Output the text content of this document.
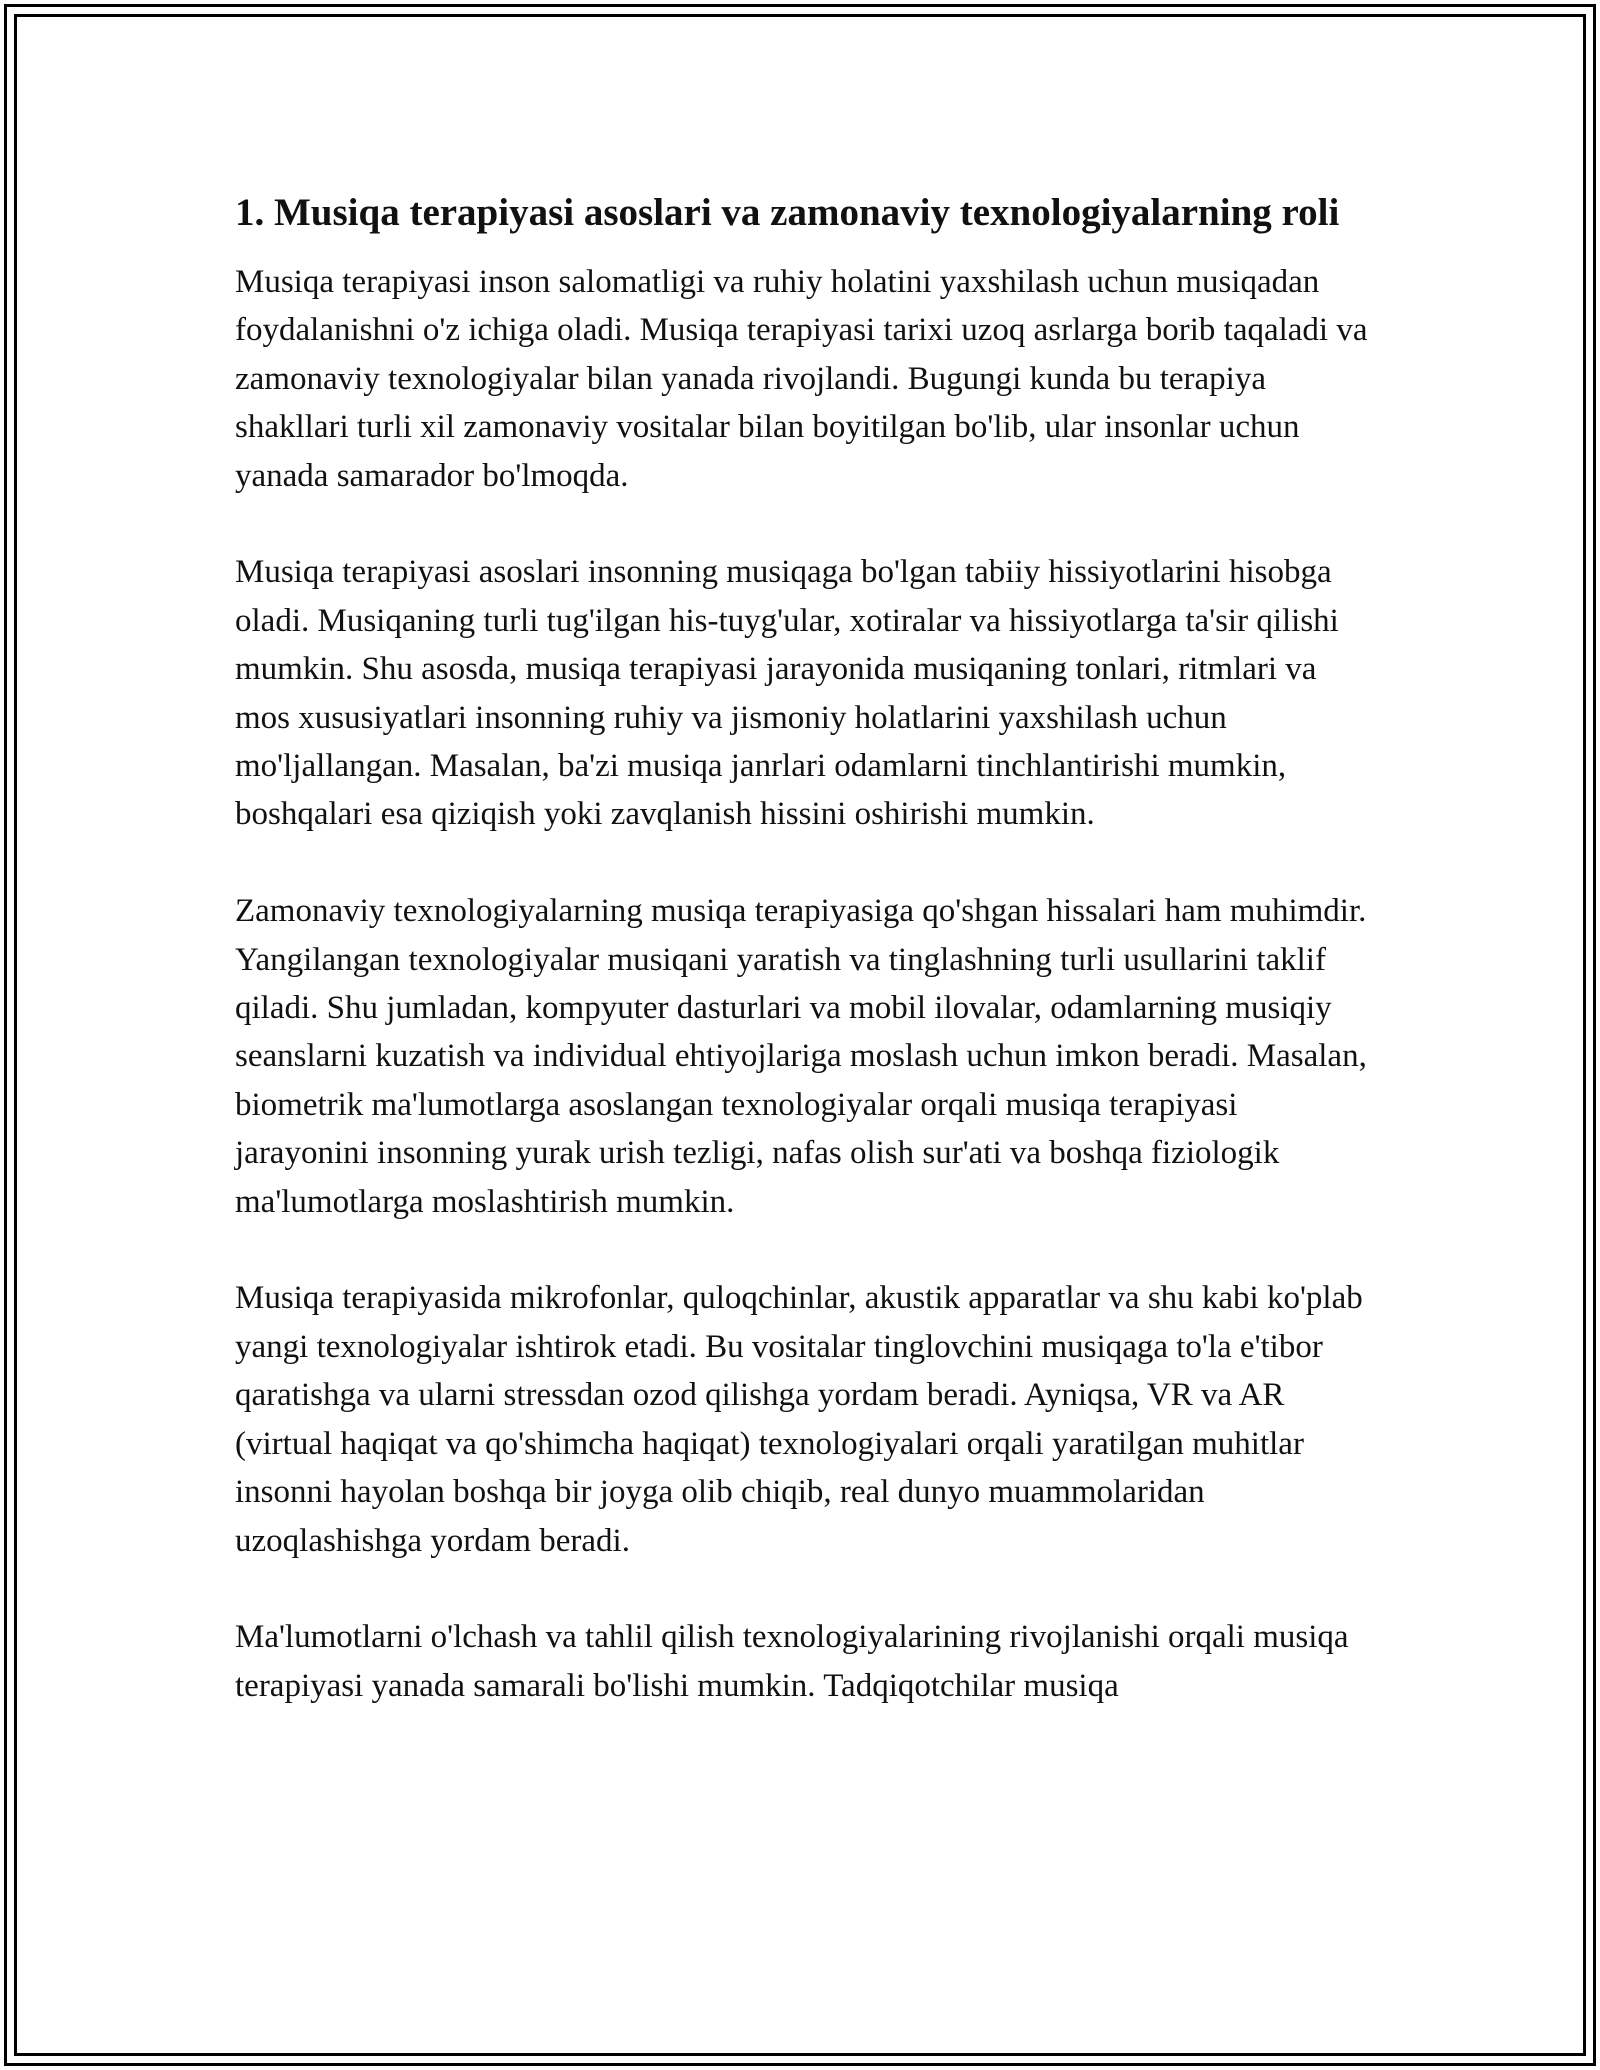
1. Musiqa terapiyasi asoslari va zamonaviy texnologiyalarning roli

Musiqa terapiyasi inson salomatligi va ruhiy holatini yaxshilash uchun musiqadan foydalanishni o'z ichiga oladi. Musiqa terapiyasi tarixi uzoq asrlarga borib taqaladi va zamonaviy texnologiyalar bilan yanada rivojlandi. Bugungi kunda bu terapiya shakllari turli xil zamonaviy vositalar bilan boyitilgan bo'lib, ular insonlar uchun yanada samarador bo'lmoqda.

Musiqa terapiyasi asoslari insonning musiqaga bo'lgan tabiiy hissiyotlarini hisobga oladi. Musiqaning turli tug'ilgan his-tuyg'ular, xotiralar va hissiyotlarga ta'sir qilishi mumkin. Shu asosda, musiqa terapiyasi jarayonida musiqaning tonlari, ritmlari va mos xususiyatlari insonning ruhiy va jismoniy holatlarini yaxshilash uchun mo'ljallangan. Masalan, ba'zi musiqa janrlari odamlarni tinchlantirishi mumkin, boshqalari esa qiziqish yoki zavqlanish hissini oshirishi mumkin.

Zamonaviy texnologiyalarning musiqa terapiyasiga qo'shgan hissalari ham muhimdir. Yangilangan texnologiyalar musiqani yaratish va tinglashning turli usullarini taklif qiladi. Shu jumladan, kompyuter dasturlari va mobil ilovalar, odamlarning musiqiy seanslarni kuzatish va individual ehtiyojlariga moslash uchun imkon beradi. Masalan, biometrik ma'lumotlarga asoslangan texnologiyalar orqali musiqa terapiyasi jarayonini insonning yurak urish tezligi, nafas olish sur'ati va boshqa fiziologik ma'lumotlarga moslashtirish mumkin.

Musiqa terapiyasida mikrofonlar, quloqchinlar, akustik apparatlar va shu kabi ko'plab yangi texnologiyalar ishtirok etadi. Bu vositalar tinglovchini musiqaga to'la e'tibor qaratishga va ularni stressdan ozod qilishga yordam beradi. Ayniqsa, VR va AR (virtual haqiqat va qo'shimcha haqiqat) texnologiyalari orqali yaratilgan muhitlar insonni hayolan boshqa bir joyga olib chiqib, real dunyo muammolaridan uzoqlashishga yordam beradi.

Ma'lumotlarni o'lchash va tahlil qilish texnologiyalarining rivojlanishi orqali musiqa terapiyasi yanada samarali bo'lishi mumkin. Tadqiqotchilar musiqa
